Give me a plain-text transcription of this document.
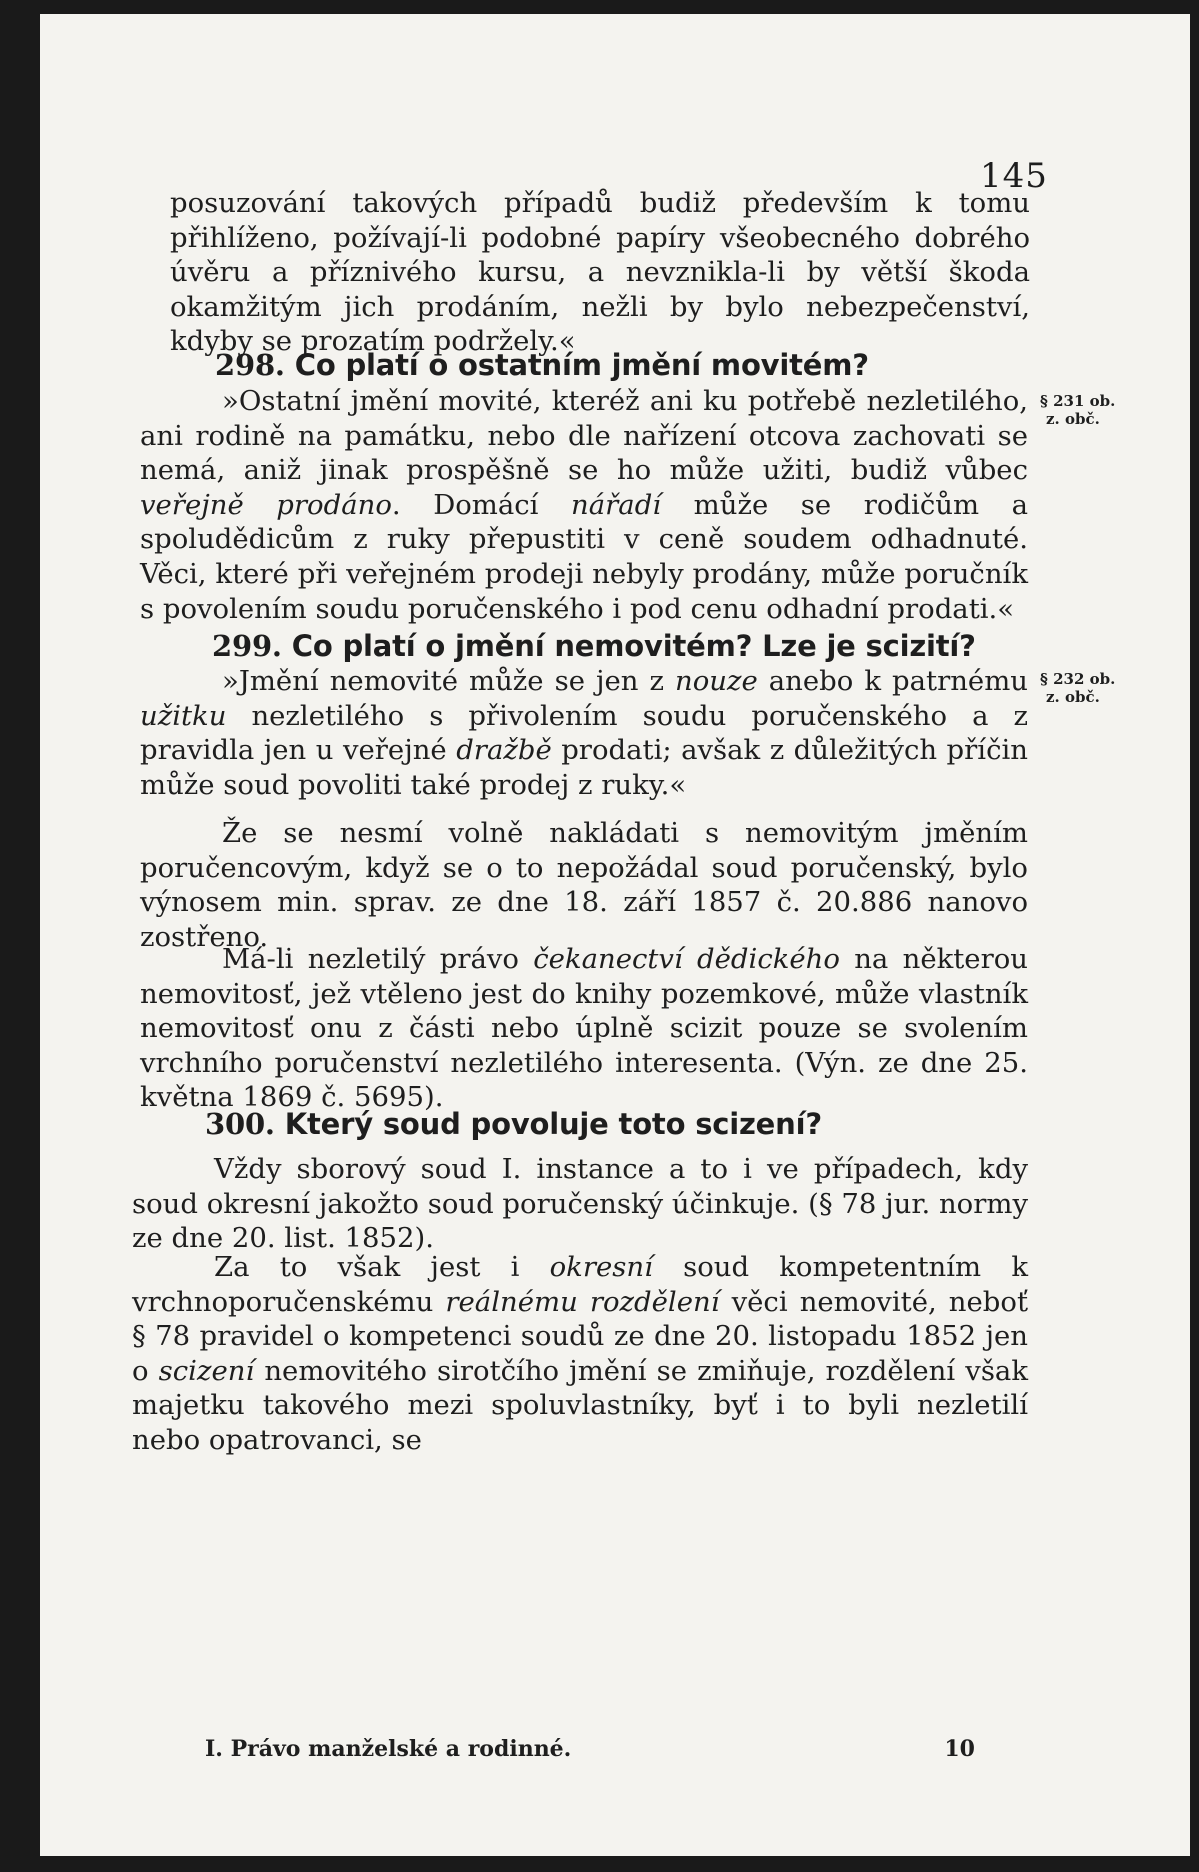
145

posuzování takových případů budiž především k tomu přihlíženo, požívají-li podobné papíry všeobecného dobrého úvěru a příznivého kursu, a nevznikla-li by větší škoda okamžitým jich prodáním, nežli by bylo nebezpečenství, kdyby se prozatím podržely.«

298. Co platí o ostatním jmění movitém?

§ 231 ob.
z. obč.

»Ostatní jmění movité, kteréž ani ku potřebě nezletilého, ani rodině na památku, nebo dle nařízení otcova zachovati se nemá, aniž jinak prospěšně se ho může užiti, budiž vůbec veřejně prodáno. Domácí nářadí může se rodičům a spoludědicům z ruky přepustiti v ceně soudem odhadnuté. Věci, které při veřejném prodeji nebyly prodány, může poručník s povolením soudu poručenského i pod cenu odhadní prodati.«

299. Co platí o jmění nemovitém? Lze je scizití?

§ 232 ob.
z. obč.

»Jmění nemovité může se jen z nouze anebo k patrnému užitku nezletilého s přivolením soudu poručenského a z pravidla jen u veřejné dražbě prodati; avšak z důležitých příčin může soud povoliti také prodej z ruky.«

Že se nesmí volně nakládati s nemovitým jměním poručencovým, když se o to nepožádal soud poručenský, bylo výnosem min. sprav. ze dne 18. září 1857 č. 20.886 nanovo zostřeno.

Má-li nezletilý právo čekanectví dědického na některou nemovitosť, jež vtěleno jest do knihy pozemkové, může vlastník nemovitosť onu z části nebo úplně scizit pouze se svolením vrchního poručenství nezletilého interesenta. (Výn. ze dne 25. května 1869 č. 5695).

300. Který soud povoluje toto scizení?

Vždy sborový soud I. instance a to i ve případech, kdy soud okresní jakožto soud poručenský účinkuje. (§ 78 jur. normy ze dne 20. list. 1852).

Za to však jest i okresní soud kompetentním k vrchnoporučenskému reálnému rozdělení věci nemovité, neboť § 78 pravidel o kompetenci soudů ze dne 20. listopadu 1852 jen o scizení nemovitého sirotčího jmění se zmiňuje, rozdělení však majetku takového mezi spoluvlastníky, byť i to byli nezletilí nebo opatrovanci, se

I. Právo manželské a rodinné.	10
